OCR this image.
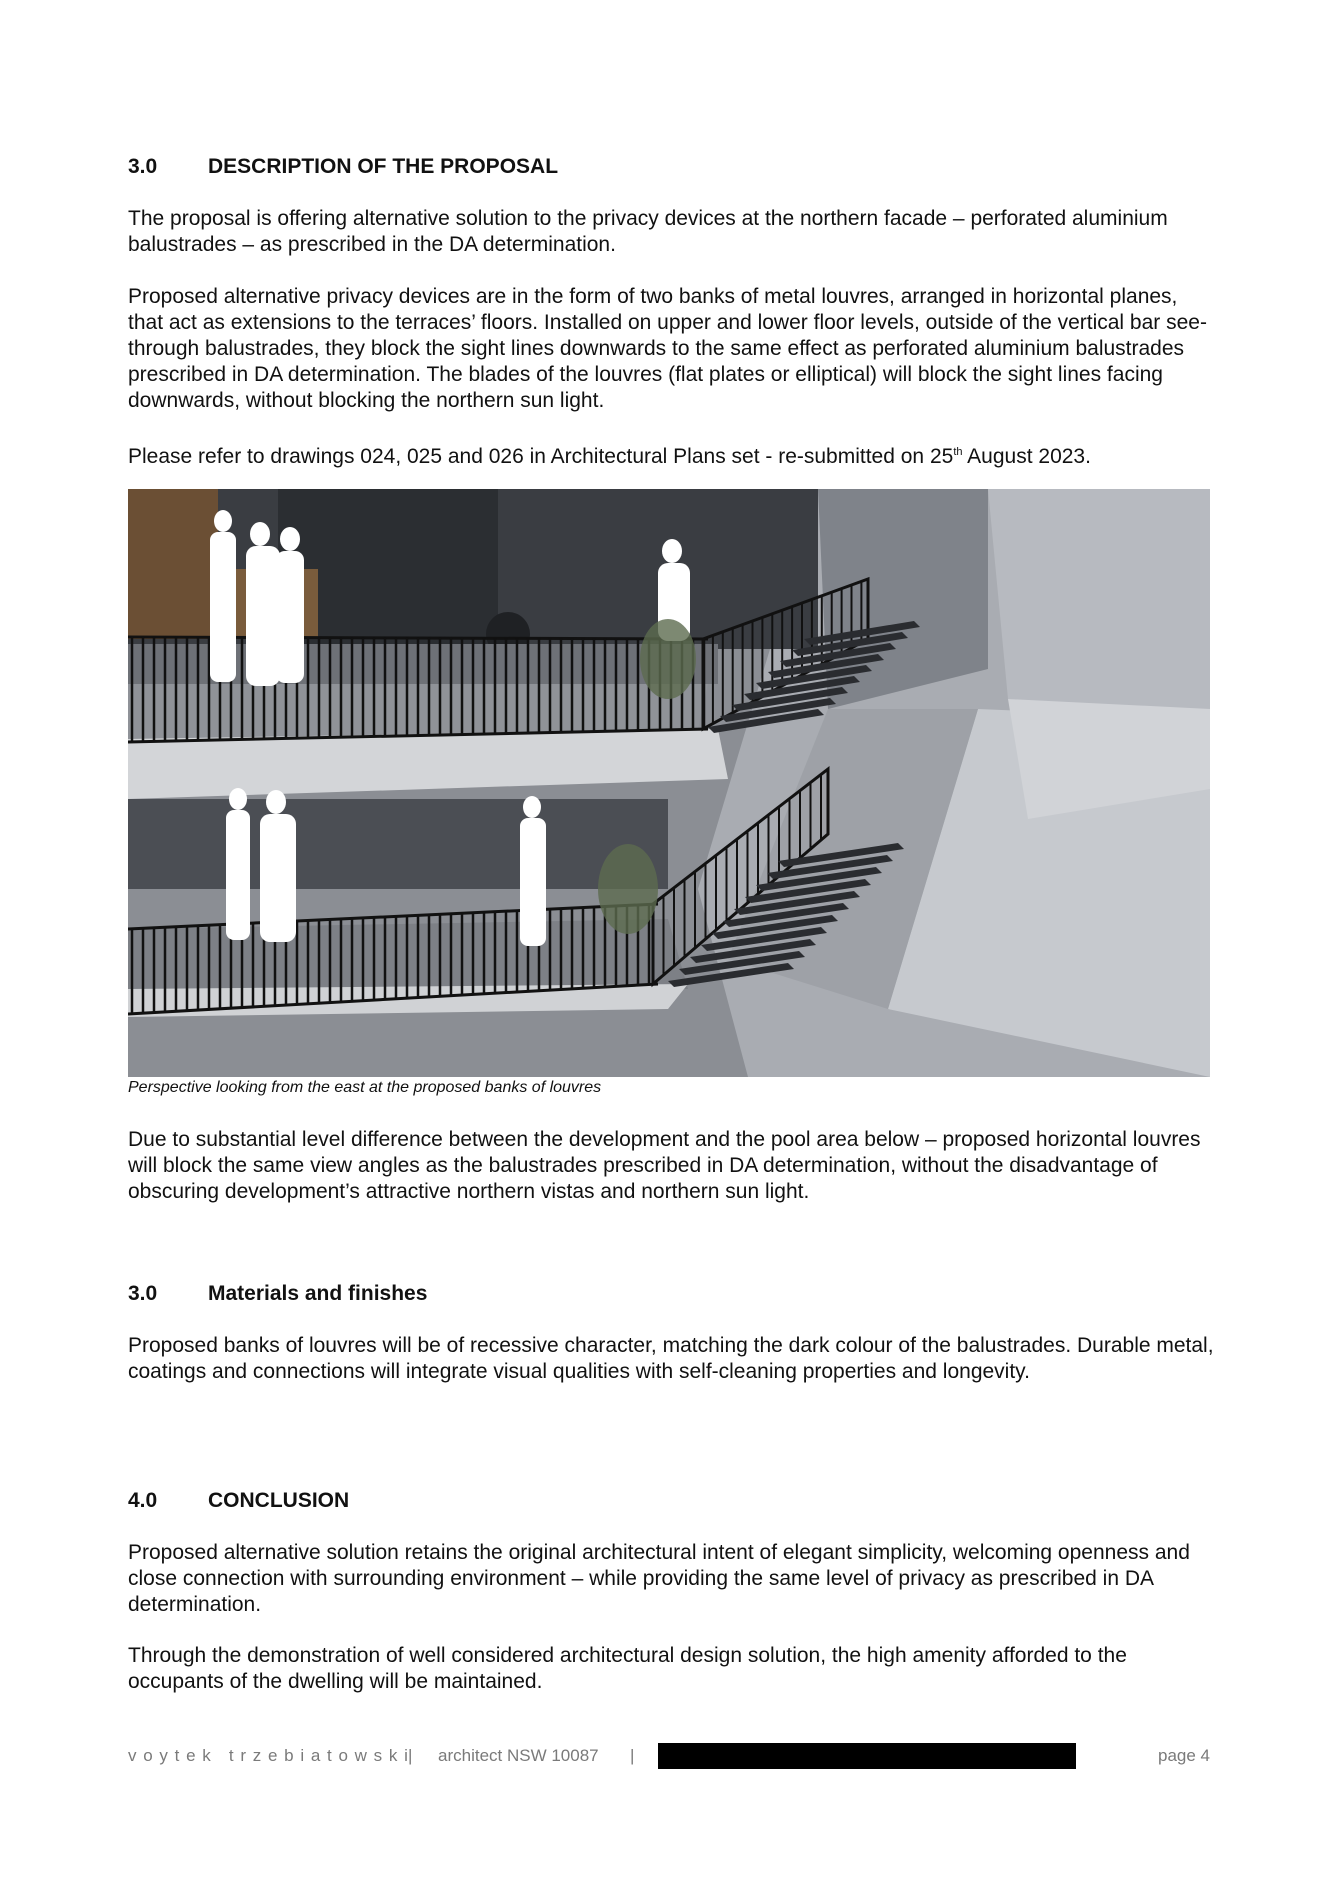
3.0	DESCRIPTION OF THE PROPOSAL

The proposal is offering alternative solution to the privacy devices at the northern facade – perforated aluminium balustrades – as prescribed in the DA determination.

Proposed alternative privacy devices are in the form of two banks of metal louvres, arranged in horizontal planes, that act as extensions to the terraces’ floors. Installed on upper and lower floor levels, outside of the vertical bar see-through balustrades, they block the sight lines downwards to the same effect as perforated aluminium balustrades prescribed in DA determination. The blades of the louvres (flat plates or elliptical) will block the sight lines facing downwards, without blocking the northern sun light.

Please refer to drawings 024, 025 and 026 in Architectural Plans set - re-submitted on 25th August 2023.

Perspective looking from the east at the proposed banks of louvres

Due to substantial level difference between the development and the pool area below – proposed horizontal louvres will block the same view angles as the balustrades prescribed in DA determination, without the disadvantage of obscuring development’s attractive northern vistas and northern sun light.

3.0	Materials and finishes

Proposed banks of louvres will be of recessive character, matching the dark colour of the balustrades. Durable metal, coatings and connections will integrate visual qualities with self-cleaning properties and longevity.

4.0	CONCLUSION

Proposed alternative solution retains the original architectural intent of elegant simplicity, welcoming openness and close connection with surrounding environment – while providing the same level of privacy as prescribed in DA determination.

Through the demonstration of well considered architectural design solution, the high amenity afforded to the occupants of the dwelling will be maintained.

v o y t e k   t r z e b i a t o w s k i | architect NSW 10087 |	page 4
